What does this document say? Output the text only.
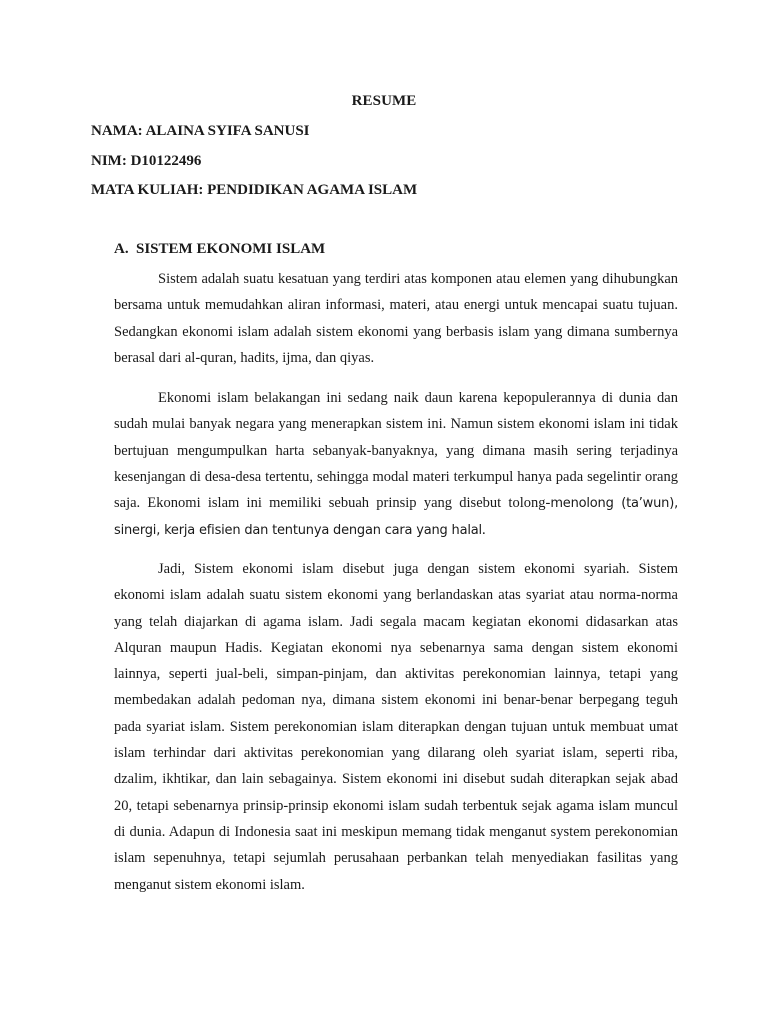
RESUME
NAMA: ALAINA SYIFA SANUSI
NIM: D10122496
MATA KULIAH: PENDIDIKAN AGAMA ISLAM
A. SISTEM EKONOMI ISLAM

Sistem adalah suatu kesatuan yang terdiri atas komponen atau elemen yang dihubungkan bersama untuk memudahkan aliran informasi, materi, atau energi untuk mencapai suatu tujuan. Sedangkan ekonomi islam adalah sistem ekonomi yang berbasis islam yang dimana sumbernya berasal dari al-quran, hadits, ijma, dan qiyas.

Ekonomi islam belakangan ini sedang naik daun karena kepopulerannya di dunia dan sudah mulai banyak negara yang menerapkan sistem ini. Namun sistem ekonomi islam ini tidak bertujuan mengumpulkan harta sebanyak-banyaknya, yang dimana masih sering terjadinya kesenjangan di desa-desa tertentu, sehingga modal materi terkumpul hanya pada segelintir orang saja. Ekonomi islam ini memiliki sebuah prinsip yang disebut tolong-menolong (ta’wun), sinergi, kerja efisien dan tentunya dengan cara yang halal.

Jadi, Sistem ekonomi islam disebut juga dengan sistem ekonomi syariah. Sistem ekonomi islam adalah suatu sistem ekonomi yang berlandaskan atas syariat atau norma-norma yang telah diajarkan di agama islam. Jadi segala macam kegiatan ekonomi didasarkan atas Alquran maupun Hadis. Kegiatan ekonomi nya sebenarnya sama dengan sistem ekonomi lainnya, seperti jual-beli, simpan-pinjam, dan aktivitas perekonomian lainnya, tetapi yang membedakan adalah pedoman nya, dimana sistem ekonomi ini benar-benar berpegang teguh pada syariat islam. Sistem perekonomian islam diterapkan dengan tujuan untuk membuat umat islam terhindar dari aktivitas perekonomian yang dilarang oleh syariat islam, seperti riba, dzalim, ikhtikar, dan lain sebagainya. Sistem ekonomi ini disebut sudah diterapkan sejak abad 20, tetapi sebenarnya prinsip-prinsip ekonomi islam sudah terbentuk sejak agama islam muncul di dunia. Adapun di Indonesia saat ini meskipun memang tidak menganut system perekonomian islam sepenuhnya, tetapi sejumlah perusahaan perbankan telah menyediakan fasilitas yang menganut sistem ekonomi islam.
